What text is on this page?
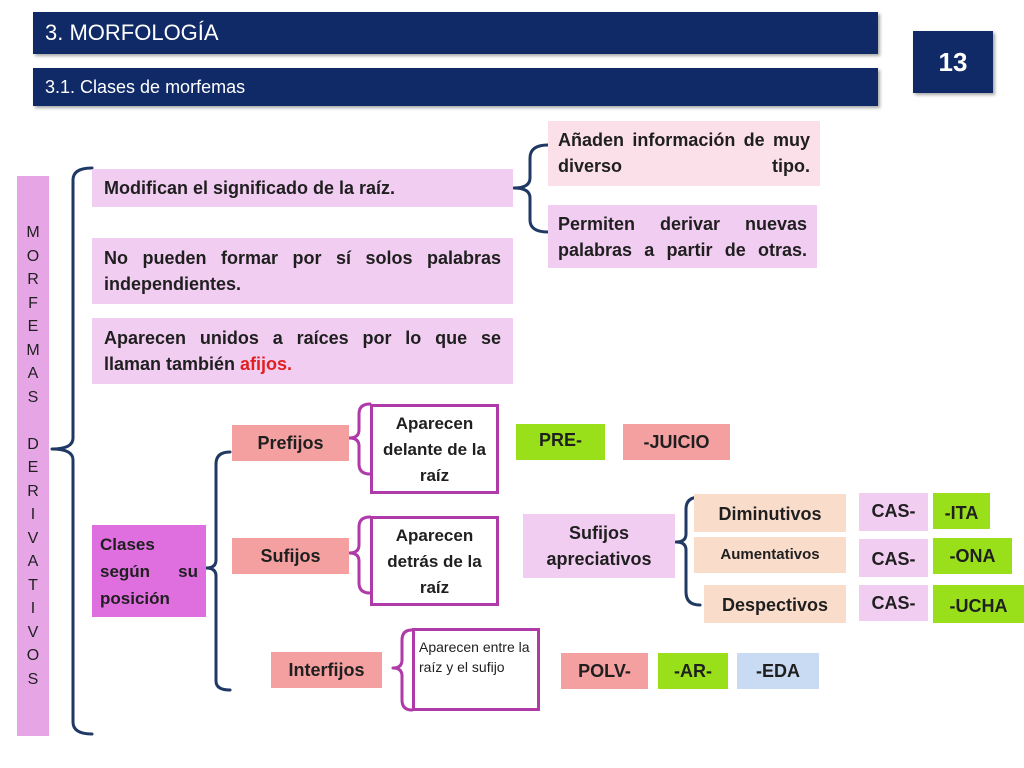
3. MORFOLOGÍA
3.1. Clases de morfemas
13
M
O
R
F
E
M
A
S
D
E
R
I
V
A
T
I
V
O
S
Modifican el significado de la raíz.
No pueden formar por sí solos palabras independientes.
Aparecen unidos a raíces por lo que se llaman también afijos.
Añaden información de muy diverso tipo.
Permiten derivar nuevas palabras a partir de otras.
Clases según su posición
Prefijos
Sufijos
Interfijos
Aparecen delante de la raíz
Aparecen detrás de la raíz
Aparecen entre la raíz y el sufijo
PRE-	-JUICIO
Sufijos apreciativos
Diminutivos
Aumentativos
Despectivos
CAS-
CAS-
CAS-
-ITA
-ONA
-UCHA
POLV-	-AR-	-EDA
